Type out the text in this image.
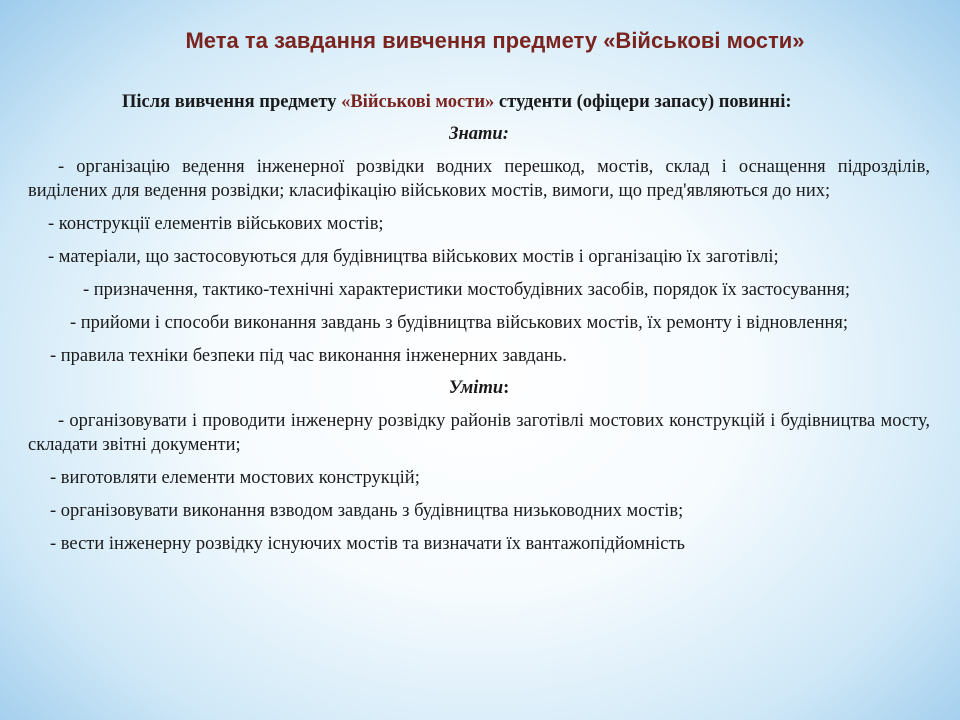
Мета та завдання вивчення предмету «Військові мости»

Після вивчення предмету «Військові мости» студенти (офіцери запасу) повинні:

Знати:

- організацію ведення інженерної розвідки водних перешкод, мостів, склад і оснащення підрозділів, виділених для ведення розвідки; класифікацію військових мостів, вимоги, що пред'являються до них;

- конструкції елементів військових мостів;

- матеріали, що застосовуються для будівництва військових мостів і організацію їх заготівлі;

- призначення, тактико-технічні характеристики мостобудівних засобів, порядок їх застосування;

- прийоми і способи виконання завдань з будівництва військових мостів, їх ремонту і відновлення;

- правила техніки безпеки під час виконання інженерних завдань.

Уміти:

- організовувати і проводити інженерну розвідку районів заготівлі мостових конструкцій і будівництва мосту, складати звітні документи;

- виготовляти елементи мостових конструкцій;

- організовувати виконання взводом завдань з будівництва низьководних мостів;

- вести інженерну розвідку існуючих мостів та визначати їх вантажопідйомність
